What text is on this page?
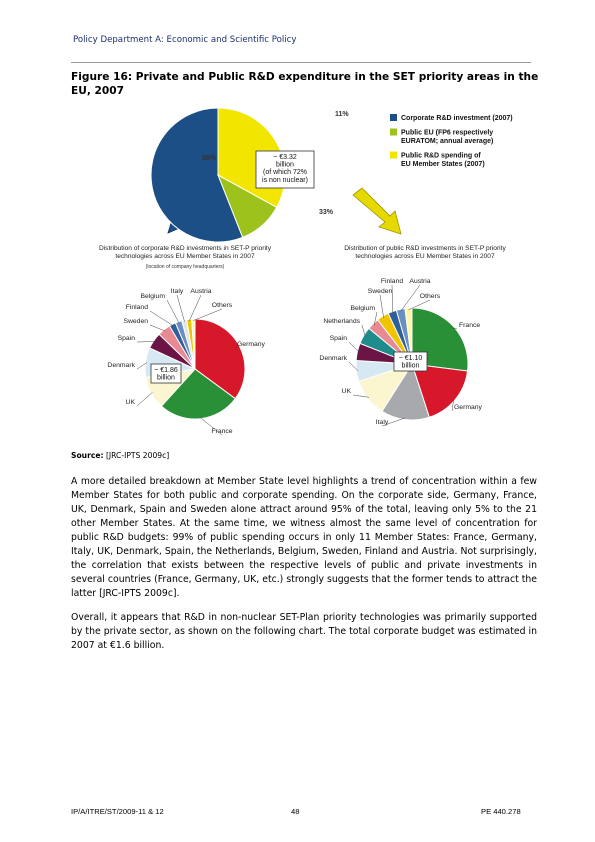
Policy Department A: Economic and Scientific Policy
Figure 16: Private and Public R&D expenditure in the SET priority areas in the EU, 2007
~ €3.32
billion
(of which 72%
is non nuclear)
56%
11%
33%
Corporate R&D investment (2007)
Public EU (FP6 respectively
EURATOM; annual average)
Public R&D spending of
EU Member States (2007)
Distribution of corporate R&D investments in SET-P priority
technologies across EU Member States in 2007
(location of company headquarters)
Distribution of public R&D investments in SET-P priority
technologies across EU Member States in 2007
~ €1.86
billion
Germany
France
UK
Denmark
Spain
Sweden
Finland
Belgium
Italy Austria
Others
~ €1.10
billion
France
Germany
Italy
UK
Denmark
Spain
Netherlands
Belgium
Sweden
Finland Austria
Others
Source: [JRC-IPTS 2009c]

A more detailed breakdown at Member State level highlights a trend of concentration within a few Member States for both public and corporate spending. On the corporate side, Germany, France, UK, Denmark, Spain and Sweden alone attract around 95% of the total, leaving only 5% to the 21 other Member States. At the same time, we witness almost the same level of concentration for public R&D budgets: 99% of public spending occurs in only 11 Member States: France, Germany, Italy, UK, Denmark, Spain, the Netherlands, Belgium, Sweden, Finland and Austria. Not surprisingly, the correlation that exists between the respective levels of public and private investments in several countries (France, Germany, UK, etc.) strongly suggests that the former tends to attract the latter [JRC-IPTS 2009c].

Overall, it appears that R&D in non-nuclear SET-Plan priority technologies was primarily supported by the private sector, as shown on the following chart. The total corporate budget was estimated in 2007 at €1.6 billion.

IP/A/ITRE/ST/2009-11 & 12	48	PE 440.278
